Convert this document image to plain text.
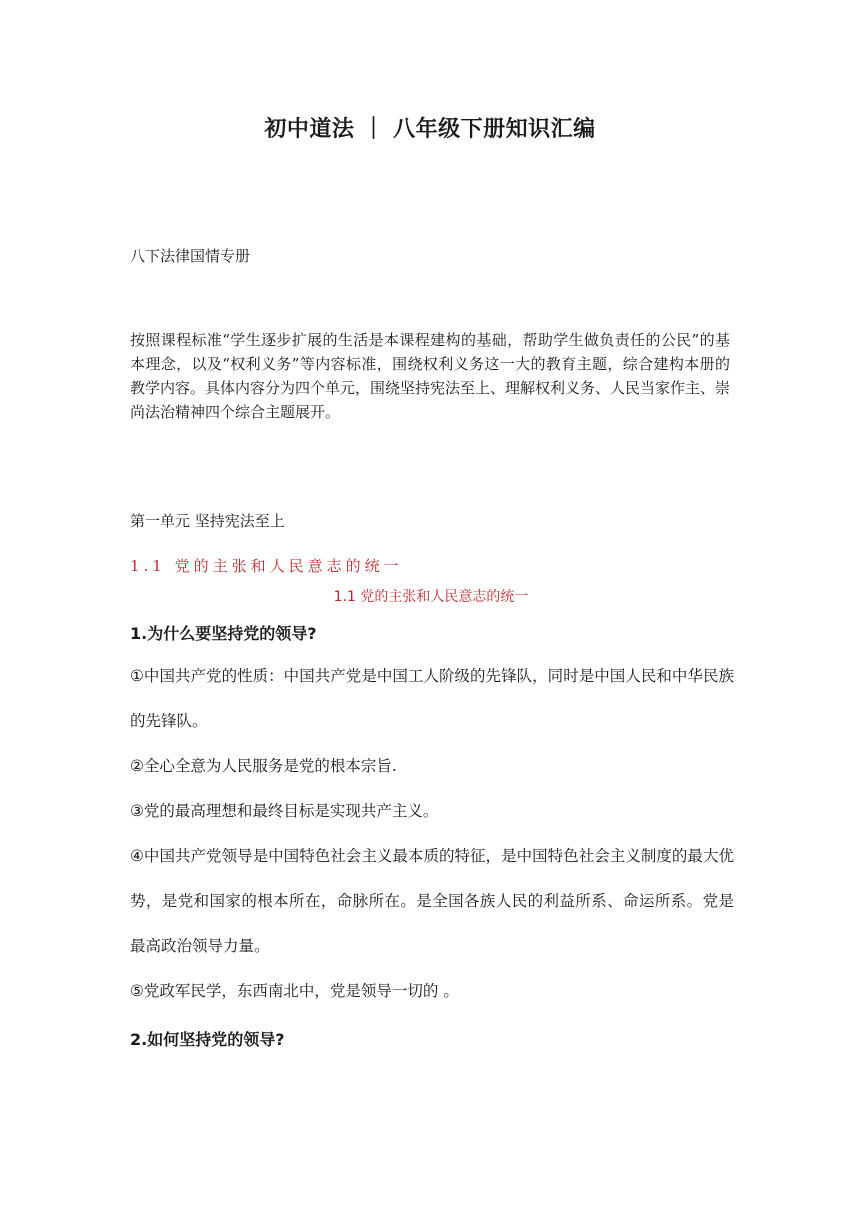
初中道法 ｜ 八年级下册知识汇编
八下法律国情专册
按照课程标准“学生逐步扩展的生活是本课程建构的基础，帮助学生做负责任的公民”的基本理念，以及“权利义务”等内容标准，围绕权利义务这一大的教育主题，综合建构本册的教学内容。具体内容分为四个单元，围绕坚持宪法至上、理解权利义务、人民当家作主、崇尚法治精神四个综合主题展开。
第一单元 坚持宪法至上
1.1 党的主张和人民意志的统一
1.1 党的主张和人民意志的统一
1.为什么要坚持党的领导?
①中国共产党的性质：中国共产党是中国工人阶级的先锋队，同时是中国人民和中华民族的先锋队。
②全心全意为人民服务是党的根本宗旨.
③党的最高理想和最终目标是实现共产主义。
④中国共产党领导是中国特色社会主义最本质的特征，是中国特色社会主义制度的最大优势，是党和国家的根本所在，命脉所在。是全国各族人民的利益所系、命运所系。党是最高政治领导力量。
⑤党政军民学，东西南北中，党是领导一切的 。
2.如何坚持党的领导?
